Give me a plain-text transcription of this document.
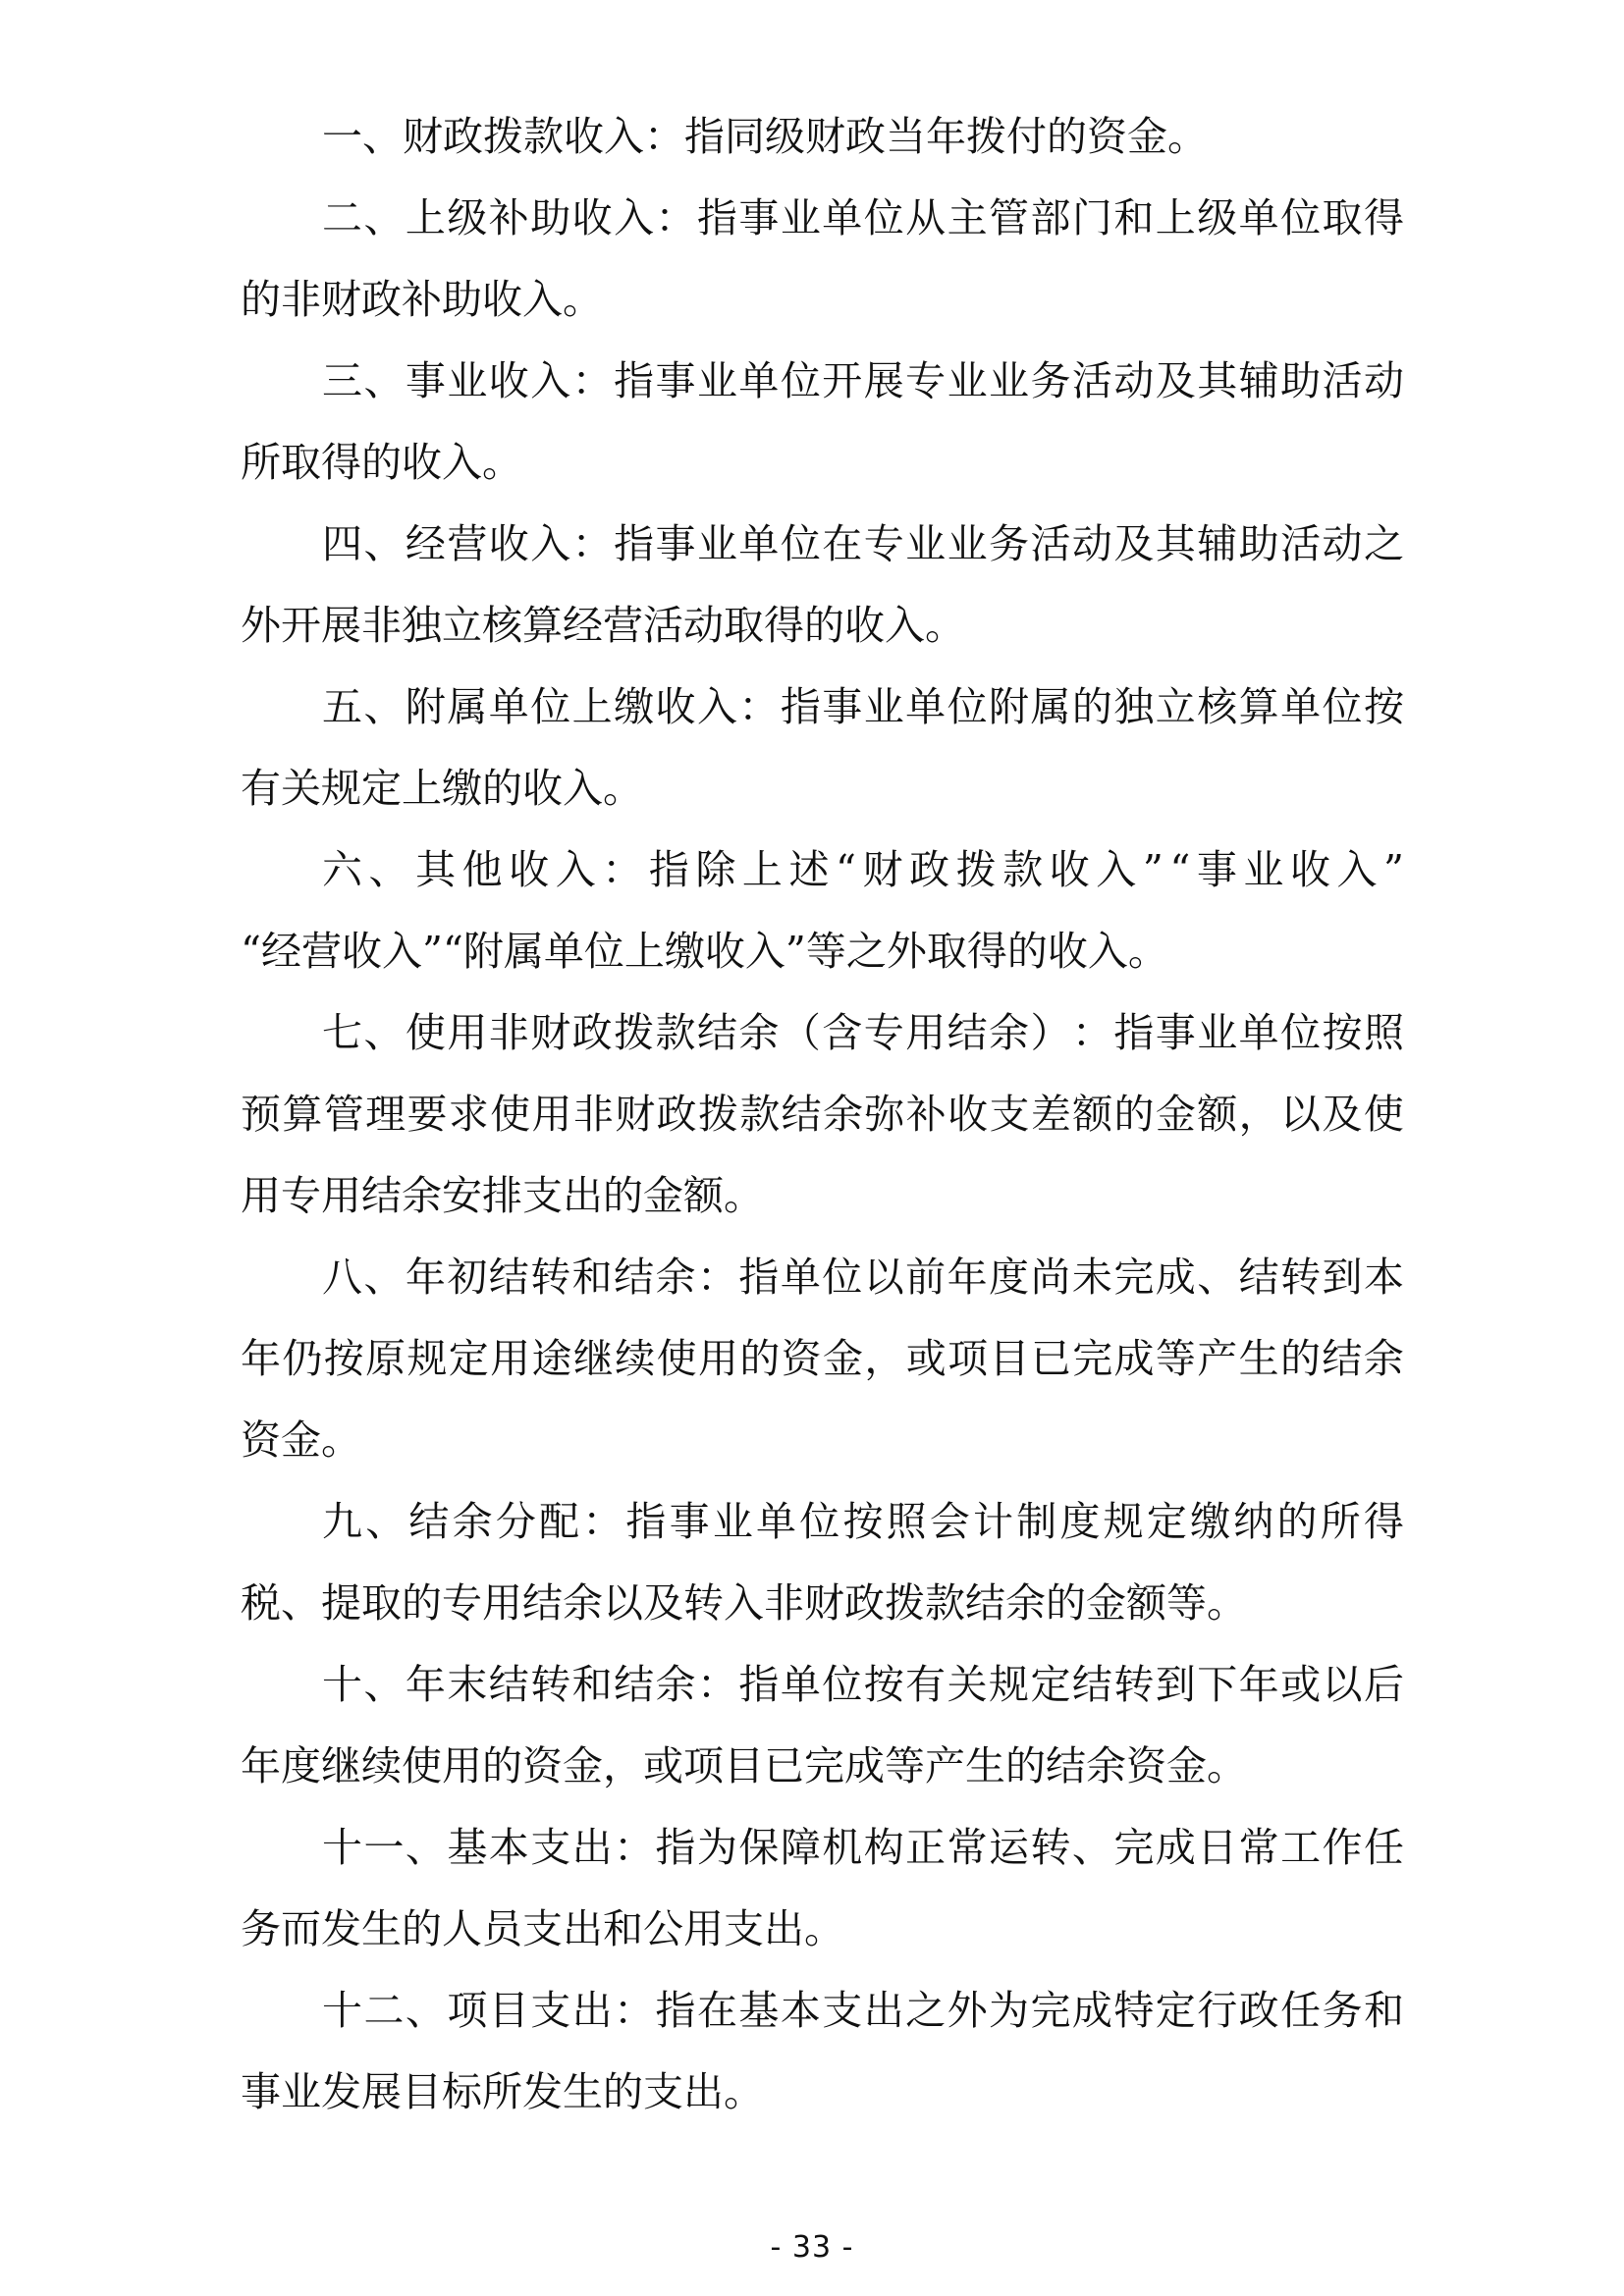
一、财政拨款收入：指同级财政当年拨付的资金。
二 、 上 级 补 助 收 入 ： 指 事 业 单 位 从 主 管 部 门 和 上 级 单 位 取 得
的非财政补助收入。
三 、 事 业 收 入 ： 指 事 业 单 位 开 展 专 业 业 务 活 动 及 其 辅 助 活 动
所取得的收入。
四 、 经 营 收 入 ： 指 事 业 单 位 在 专 业 业 务 活 动 及 其 辅 助 活 动 之
外开展非独立核算经营活动取得的收入。
五 、 附 属 单 位 上 缴 收 入 ： 指 事 业 单 位 附 属 的 独 立 核 算 单 位 按
有关规定上缴的收入。
六 、 其 他 收 入 ： 指 除 上 述 “ 财 政 拨 款 收 入 ” “ 事 业 收 入 ”
“经营收入”“附属单位上缴收入”等之外取得的收入。
七 、 使 用 非 财 政 拨 款 结 余 （ 含 专 用 结 余 ） ： 指 事 业 单 位 按 照
预 算 管 理 要 求 使 用 非 财 政 拨 款 结 余 弥 补 收 支 差 额 的 金 额 ， 以 及 使
用专用结余安排支出的金额。
八 、 年 初 结 转 和 结 余 ： 指 单 位 以 前 年 度 尚 未 完 成 、 结 转 到 本
年 仍 按 原 规 定 用 途 继 续 使 用 的 资 金 ， 或 项 目 已 完 成 等 产 生 的 结 余
资金。
九 、 结 余 分 配 ： 指 事 业 单 位 按 照 会 计 制 度 规 定 缴 纳 的 所 得
税、提取的专用结余以及转入非财政拨款结余的金额等。
十 、 年 末 结 转 和 结 余 ： 指 单 位 按 有 关 规 定 结 转 到 下 年 或 以 后
年度继续使用的资金，或项目已完成等产生的结余资金。
十 一 、 基 本 支 出 ： 指 为 保 障 机 构 正 常 运 转 、 完 成 日 常 工 作 任
务而发生的人员支出和公用支出。
十 二 、 项 目 支 出 ： 指 在 基 本 支 出 之 外 为 完 成 特 定 行 政 任 务 和
事业发展目标所发生的支出。
- 33 -
